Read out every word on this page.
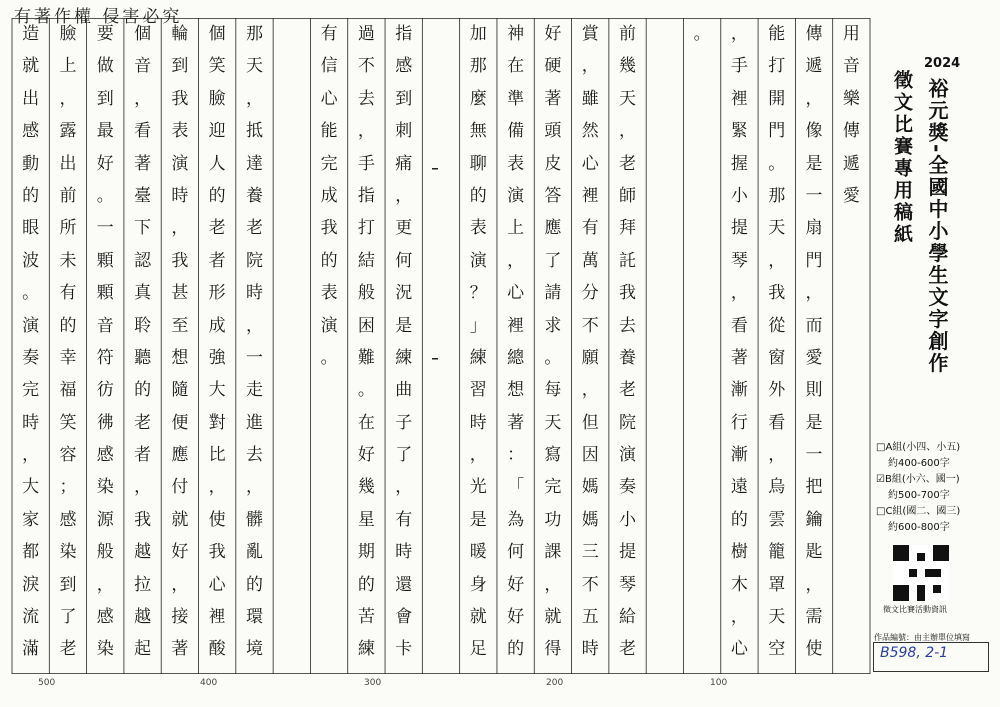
有著作權 侵害必究
用
音
樂
傳
遞
愛
傳
遞
，
像
是
一
扇
門
，
而
愛
則
是
一
把
鑰
匙
，
需
使
能
打
開
門
。
那
天
，
我
從
窗
外
看
，
烏
雲
籠
罩
天
空
，
手
裡
緊
握
小
提
琴
，
看
著
漸
行
漸
遠
的
樹
木
，
心
。
前
幾
天
，
老
師
拜
託
我
去
養
老
院
演
奏
小
提
琴
給
老
賞
，
雖
然
心
裡
有
萬
分
不
願
，
但
因
媽
媽
三
不
五
時
好
硬
著
頭
皮
答
應
了
請
求
。
每
天
寫
完
功
課
，
就
得
神
在
準
備
表
演
上
，
心
裡
總
想
著
：
「
為
何
好
好
的
加
那
麼
無
聊
的
表
演
？
」
練
習
時
，
光
是
暖
身
就
足
指
感
到
刺
痛
，
更
何
況
是
練
曲
子
了
，
有
時
還
會
卡
過
不
去
，
手
指
打
結
般
困
難
。
在
好
幾
星
期
的
苦
練
有
信
心
能
完
成
我
的
表
演
。
那
天
，
抵
達
養
老
院
時
，
一
走
進
去
，
髒
亂
的
環
境
個
笑
臉
迎
人
的
老
者
形
成
強
大
對
比
，
使
我
心
裡
酸
輪
到
我
表
演
時
，
我
甚
至
想
隨
便
應
付
就
好
，
接
著
個
音
，
看
著
臺
下
認
真
聆
聽
的
老
者
，
我
越
拉
越
起
要
做
到
最
好
。
一
顆
顆
音
符
彷
彿
感
染
源
般
，
感
染
臉
上
，
露
出
前
所
未
有
的
幸
福
笑
容
；
感
染
到
了
老
造
就
出
感
動
的
眼
波
。
演
奏
完
時
，
大
家
都
淚
流
滿
500	400	300	200	100
2024
裕元獎-全國中小學生文字創作
徵文比賽專用稿紙
□A組(小四、小五)
約400-600字
☑B組(小六、國一)
約500-700字
□C組(國二、國三)
約600-800字
徵文比賽活動資訊
作品編號：由主辦單位填寫
B598, 2-1
